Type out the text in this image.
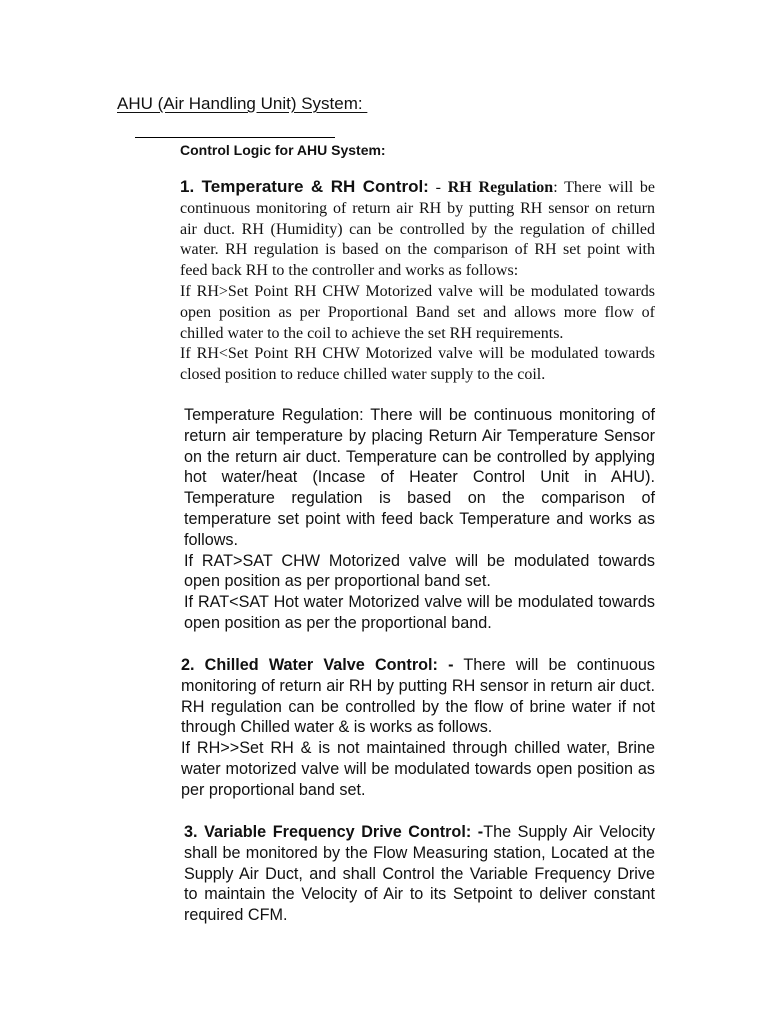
AHU (Air Handling Unit) System:
Control Logic for AHU System:

1. Temperature & RH Control: - RH Regulation: There will be continuous monitoring of return air RH by putting RH sensor on return air duct. RH (Humidity) can be controlled by the regulation of chilled water. RH regulation is based on the comparison of RH set point with feed back RH to the controller and works as follows:

If RH>Set Point RH CHW Motorized valve will be modulated towards open position as per Proportional Band set and allows more flow of chilled water to the coil to achieve the set RH requirements.

If RH<Set Point RH CHW Motorized valve will be modulated towards closed position to reduce chilled water supply to the coil.

Temperature Regulation: There will be continuous monitoring of return air temperature by placing Return Air Temperature Sensor on the return air duct. Temperature can be controlled by applying hot water/heat (Incase of Heater Control Unit in AHU). Temperature regulation is based on the comparison of temperature set point with feed back Temperature and works as follows.

If RAT>SAT CHW Motorized valve will be modulated towards open position as per proportional band set.

If RAT<SAT Hot water Motorized valve will be modulated towards open position as per the proportional band.

2. Chilled Water Valve Control: - There will be continuous monitoring of return air RH by putting RH sensor in return air duct. RH regulation can be controlled by the flow of brine water if not through Chilled water & is works as follows.

If RH>>Set RH & is not maintained through chilled water, Brine water motorized valve will be modulated towards open position as per proportional band set.

3. Variable Frequency Drive Control: -The Supply Air Velocity shall be monitored by the Flow Measuring station, Located at the Supply Air Duct, and shall Control the Variable Frequency Drive to maintain the Velocity of Air to its Setpoint to deliver constant required CFM.
